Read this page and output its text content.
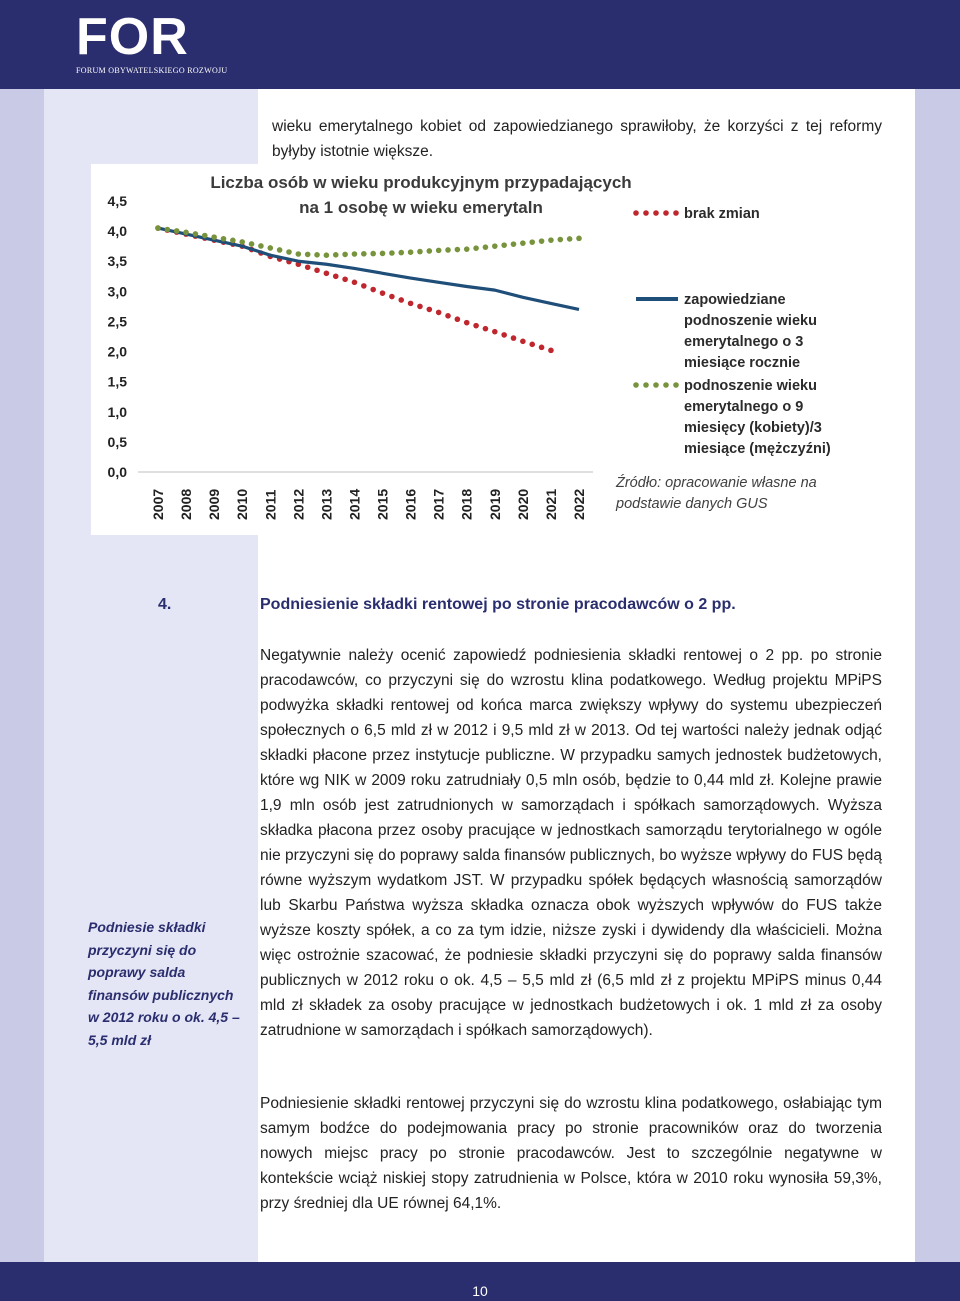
FOR
FORUM OBYWATELSKIEGO ROZWOJU

wieku emerytalnego kobiet od zapowiedzianego sprawiłoby, że korzyści z tej reformy byłyby istotnie większe.

Liczba osób w wieku produkcyjnym przypadających
na 1 osobę w wieku emerytaln
0,0
0,5
1,0
1,5
2,0
2,5
3,0
3,5
4,0
4,5
2007 2008 2009 2010 2011 2012 2013 2014 2015 2016 2017 2018 2019 2020 2021 2022
brak zmian
zapowiedziane
podnoszenie wieku
emerytalnego o 3
miesiące rocznie
podnoszenie wieku
emerytalnego o 9
miesięcy (kobiety)/3
miesiące (mężczyźni)
Źródło: opracowanie własne na
podstawie danych GUS
4.	Podniesienie składki rentowej po stronie pracodawców o 2 pp.

Podniesie składki przyczyni się do poprawy salda finansów publicznych w 2012 roku o ok. 4,5 – 5,5 mld zł

Negatywnie należy ocenić zapowiedź podniesienia składki rentowej o 2 pp. po stronie pracodawców, co przyczyni się do wzrostu klina podatkowego. Według projektu MPiPS podwyżka składki rentowej od końca marca zwiększy wpływy do systemu ubezpieczeń społecznych o 6,5 mld zł w 2012 i 9,5 mld zł w 2013. Od tej wartości należy jednak odjąć składki płacone przez instytucje publiczne. W przypadku samych jednostek budżetowych, które wg NIK w 2009 roku zatrudniały 0,5 mln osób, będzie to 0,44 mld zł. Kolejne prawie 1,9 mln osób jest zatrudnionych w samorządach i spółkach samorządowych. Wyższa składka płacona przez osoby pracujące w jednostkach samorządu terytorialnego w ogóle nie przyczyni się do poprawy salda finansów publicznych, bo wyższe wpływy do FUS będą równe wyższym wydatkom JST. W przypadku spółek będących własnością samorządów lub Skarbu Państwa wyższa składka oznacza obok wyższych wpływów do FUS także wyższe koszty spółek, a co za tym idzie, niższe zyski i dywidendy dla właścicieli. Można więc ostrożnie szacować, że podniesie składki przyczyni się do poprawy salda finansów publicznych w 2012 roku o ok. 4,5 – 5,5 mld zł (6,5 mld zł z projektu MPiPS minus 0,44 mld zł składek za osoby pracujące w jednostkach budżetowych i ok. 1 mld zł za osoby zatrudnione w samorządach i spółkach samorządowych).

Podniesienie składki rentowej przyczyni się do wzrostu klina podatkowego, osłabiając tym samym bodźce do podejmowania pracy po stronie pracowników oraz do tworzenia nowych miejsc pracy po stronie pracodawców. Jest to szczególnie negatywne w kontekście wciąż niskiej stopy zatrudnienia w Polsce, która w 2010 roku wynosiła 59,3%, przy średniej dla UE równej 64,1%.

10
